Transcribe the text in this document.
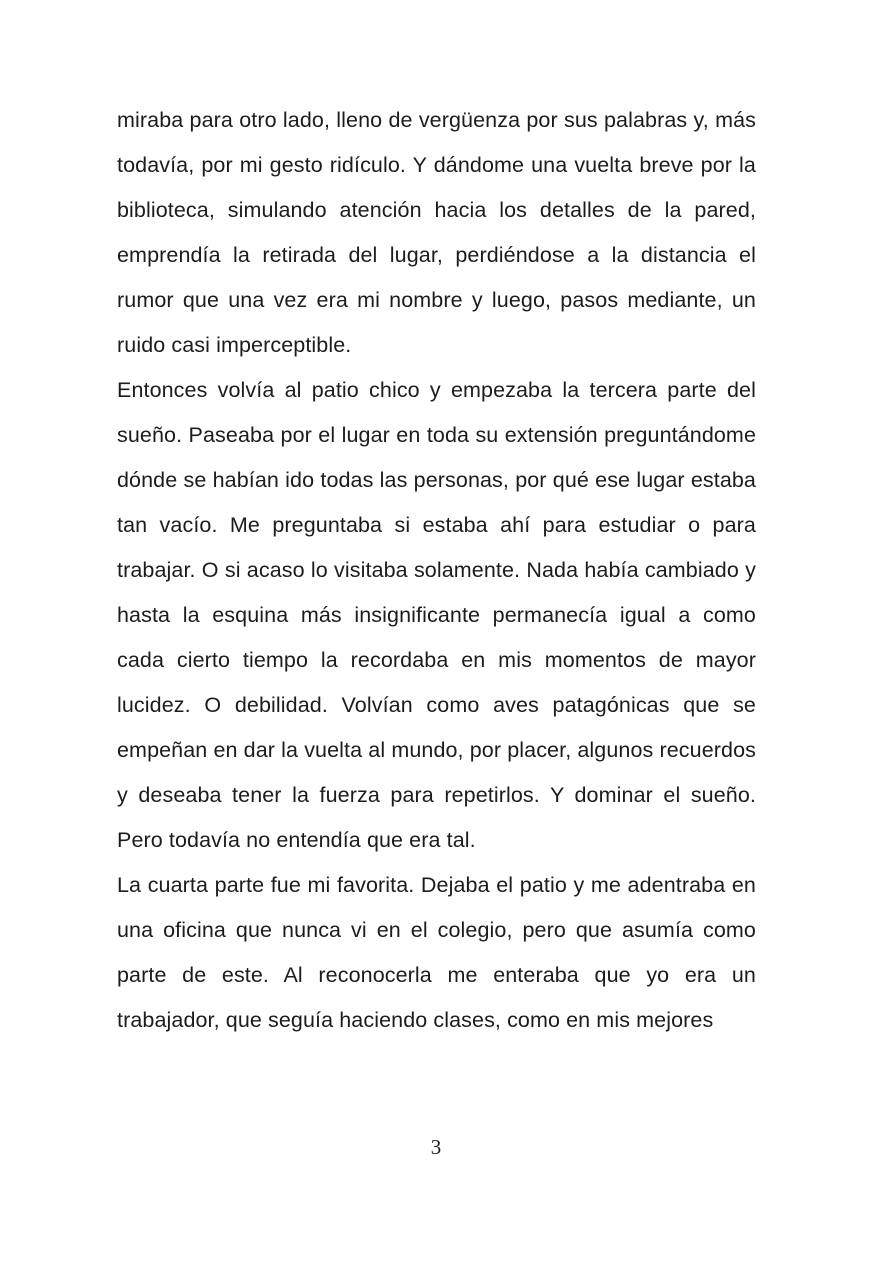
miraba para otro lado, lleno de vergüenza por sus palabras y, más todavía, por mi gesto ridículo. Y dándome una vuelta breve por la biblioteca, simulando atención hacia los detalles de la pared, emprendía la retirada del lugar, perdiéndose a la distancia el rumor que una vez era mi nombre y luego, pasos mediante, un ruido casi imperceptible.

Entonces volvía al patio chico y empezaba la tercera parte del sueño. Paseaba por el lugar en toda su extensión preguntándome dónde se habían ido todas las personas, por qué ese lugar estaba tan vacío. Me preguntaba si estaba ahí para estudiar o para trabajar. O si acaso lo visitaba solamente. Nada había cambiado y hasta la esquina más insignificante permanecía igual a como cada cierto tiempo la recordaba en mis momentos de mayor lucidez. O debilidad. Volvían como aves patagónicas que se empeñan en dar la vuelta al mundo, por placer, algunos recuerdos y deseaba tener la fuerza para repetirlos. Y dominar el sueño. Pero todavía no entendía que era tal.

La cuarta parte fue mi favorita. Dejaba el patio y me adentraba en una oficina que nunca vi en el colegio, pero que asumía como parte de este. Al reconocerla me enteraba que yo era un trabajador, que seguía haciendo clases, como en mis mejores

3
